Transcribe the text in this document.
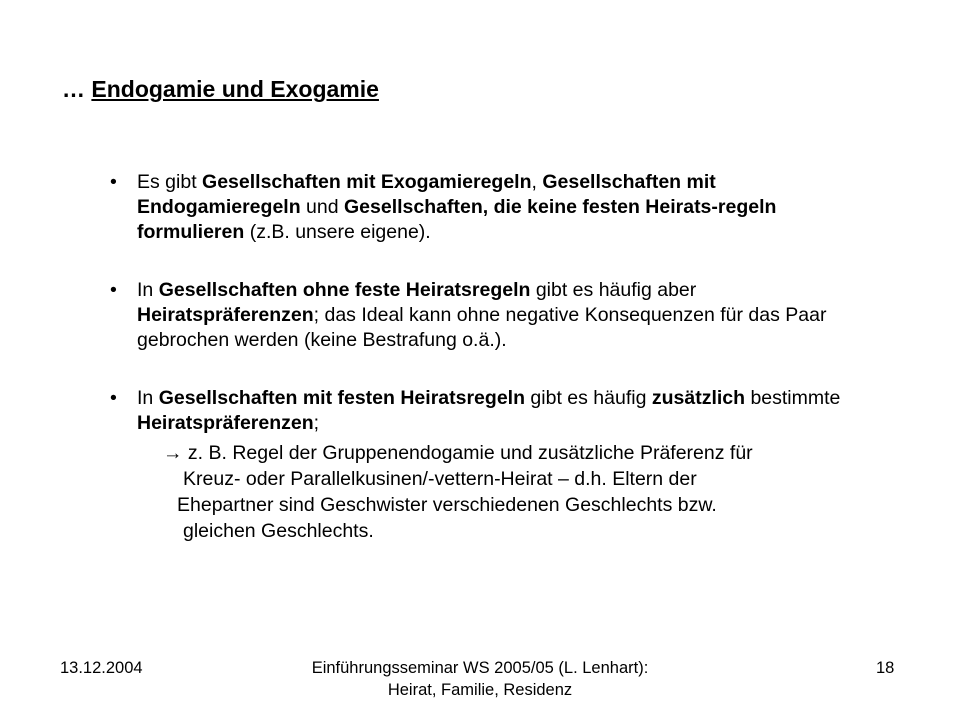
… Endogamie und Exogamie
• Es gibt Gesellschaften mit Exogamieregeln, Gesellschaften mit Endogamieregeln und Gesellschaften, die keine festen Heirats-regeln formulieren (z.B. unsere eigene).
• In Gesellschaften ohne feste Heiratsregeln gibt es häufig aber Heiratspräferenzen; das Ideal kann ohne negative Konsequenzen für das Paar gebrochen werden (keine Bestrafung o.ä.).
• In Gesellschaften mit festen Heiratsregeln gibt es häufig zusätzlich bestimmte Heiratspräferenzen;
→ z. B. Regel der Gruppenendogamie und zusätzliche Präferenz für
Kreuz- oder Parallelkusinen/-vettern-Heirat – d.h. Eltern der
Ehepartner sind Geschwister verschiedenen Geschlechts bzw.
gleichen Geschlechts.
13.12.2004	Einführungsseminar WS 2005/05 (L. Lenhart):
Heirat, Familie, Residenz
18
